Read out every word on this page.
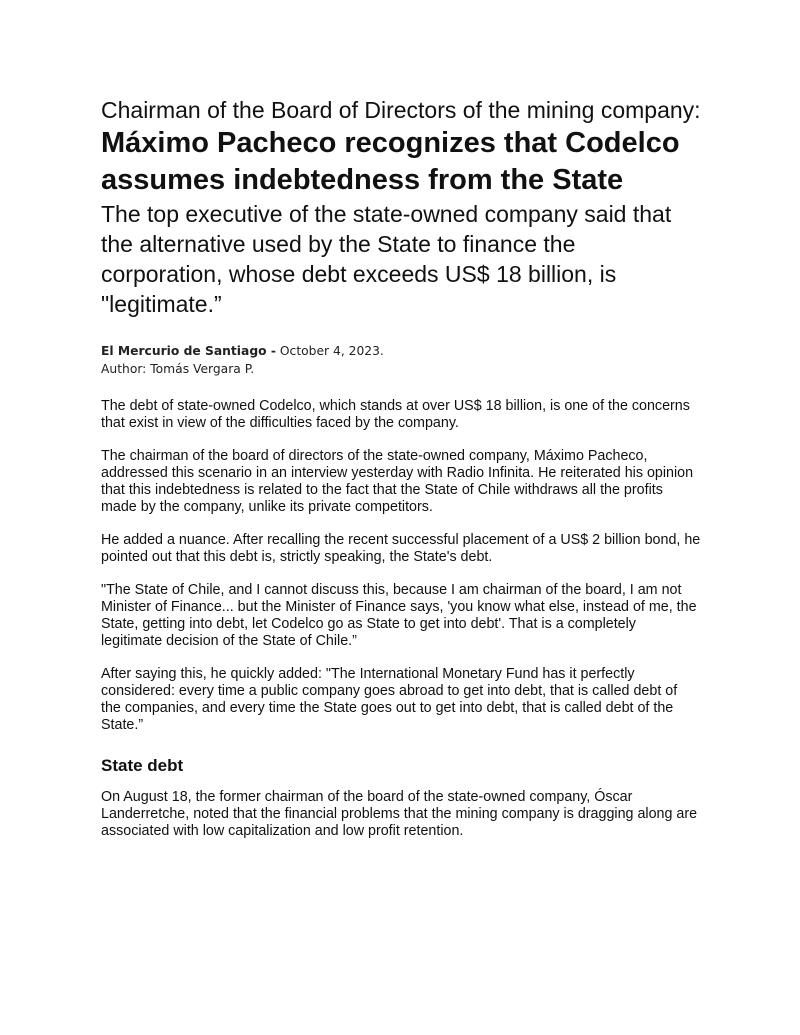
Chairman of the Board of Directors of the mining company:
Máximo Pacheco recognizes that Codelco assumes indebtedness from the State
The top executive of the state-owned company said that the alternative used by the State to finance the corporation, whose debt exceeds US$ 18 billion, is "legitimate.”
El Mercurio de Santiago - October 4, 2023.
Author: Tomás Vergara P.

The debt of state-owned Codelco, which stands at over US$ 18 billion, is one of the concerns that exist in view of the difficulties faced by the company.

The chairman of the board of directors of the state-owned company, Máximo Pacheco, addressed this scenario in an interview yesterday with Radio Infinita. He reiterated his opinion that this indebtedness is related to the fact that the State of Chile withdraws all the profits made by the company, unlike its private competitors.

He added a nuance. After recalling the recent successful placement of a US$ 2 billion bond, he pointed out that this debt is, strictly speaking, the State's debt.

"The State of Chile, and I cannot discuss this, because I am chairman of the board, I am not Minister of Finance... but the Minister of Finance says, 'you know what else, instead of me, the State, getting into debt, let Codelco go as State to get into debt'. That is a completely legitimate decision of the State of Chile.”

After saying this, he quickly added: "The International Monetary Fund has it perfectly considered: every time a public company goes abroad to get into debt, that is called debt of the companies, and every time the State goes out to get into debt, that is called debt of the State.”

State debt

On August 18, the former chairman of the board of the state-owned company, Óscar Landerretche, noted that the financial problems that the mining company is dragging along are associated with low capitalization and low profit retention.
